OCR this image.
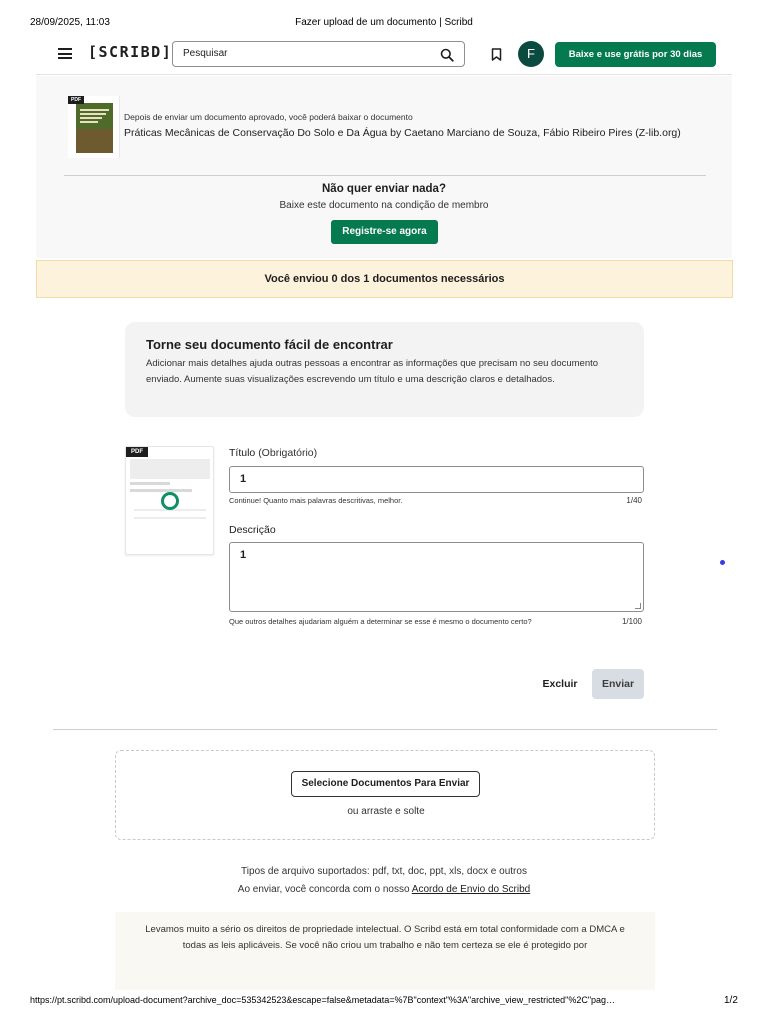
28/09/2025, 11:03	Fazer upload de um documento | Scribd
[SCRIBD] Pesquisar	F	Baixe e use grátis por 30 dias
PDF
Depois de enviar um documento aprovado, você poderá baixar o documento
Práticas Mecânicas de Conservação Do Solo e Da Água by Caetano Marciano de Souza, Fábio Ribeiro Pires (Z-lib.org)
Não quer enviar nada?
Baixe este documento na condição de membro
Registre-se agora
Você enviou 0 dos 1 documentos necessários
Torne seu documento fácil de encontrar
Adicionar mais detalhes ajuda outras pessoas a encontrar as informações que precisam no seu documento enviado. Aumente suas visualizações escrevendo um título e uma descrição claros e detalhados.
PDF	Título (Obrigatório)
1
Continue! Quanto mais palavras descritivas, melhor.	1/40
Descrição
1
Que outros detalhes ajudariam alguém a determinar se esse é mesmo o documento certo?	1/100
Excluir	Enviar
Selecione Documentos Para Enviar
ou arraste e solte
Tipos de arquivo suportados: pdf, txt, doc, ppt, xls, docx e outros
Ao enviar, você concorda com o nosso Acordo de Envio do Scribd
Levamos muito a sério os direitos de propriedade intelectual. O Scribd está em total conformidade com a DMCA e todas as leis aplicáveis. Se você não criou um trabalho e não tem certeza se ele é protegido por
https://pt.scribd.com/upload-document?archive_doc=535342523&escape=false&metadata=%7B"context"%3A"archive_view_restricted"%2C"pag…	1/2
